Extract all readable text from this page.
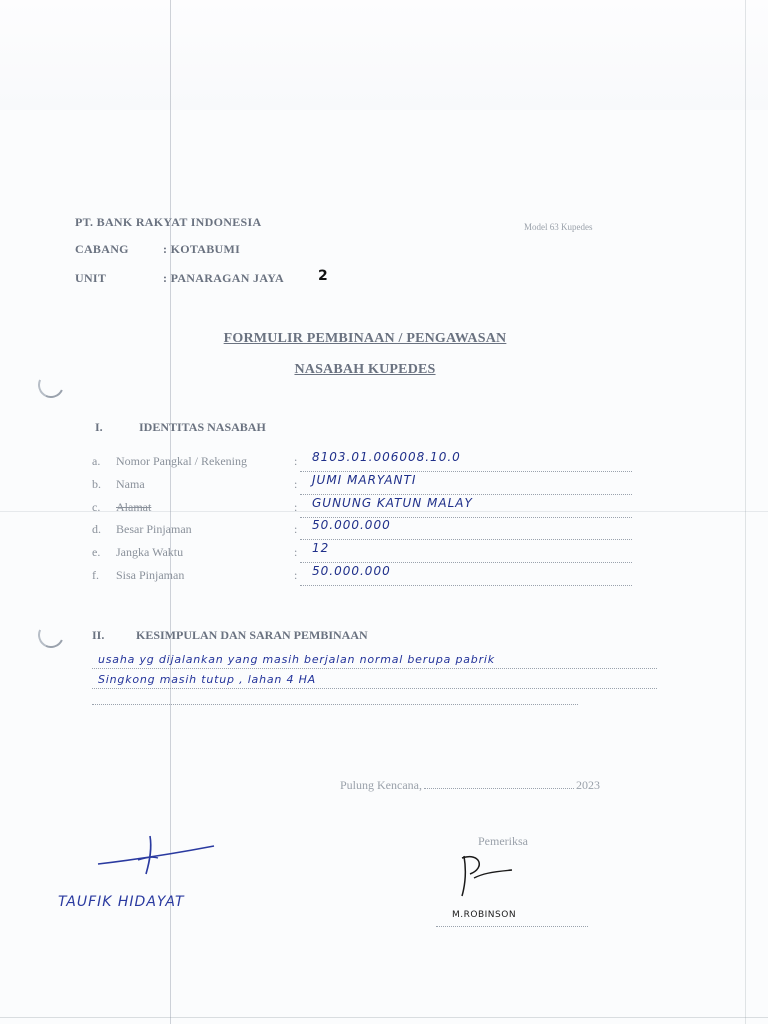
PT. BANK RAKYAT INDONESIA
CABANG	: KOTABUMI
UNIT	: PANARAGAN JAYA 2
Model 63 Kupedes
FORMULIR PEMBINAAN / PENGAWASAN
NASABAH KUPEDES
I.	IDENTITAS NASABAH
a. Nomor Pangkal / Rekening	: 8103.01.006008.10.0
b. Nama	: JUMI MARYANTI
c. Alamat	: GUNUNG KATUN MALAY
d. Besar Pinjaman	: 50.000.000
e. Jangka Waktu	: 12
f. Sisa Pinjaman	: 50.000.000
II.	KESIMPULAN DAN SARAN PEMBINAAN
usaha yg dijalankan yang masih berjalan normal berupa pabrik
Singkong masih tutup , lahan 4 HA
Pulung Kencana,	2023
Pemeriksa
TAUFIK HIDAYAT
M.ROBINSON
